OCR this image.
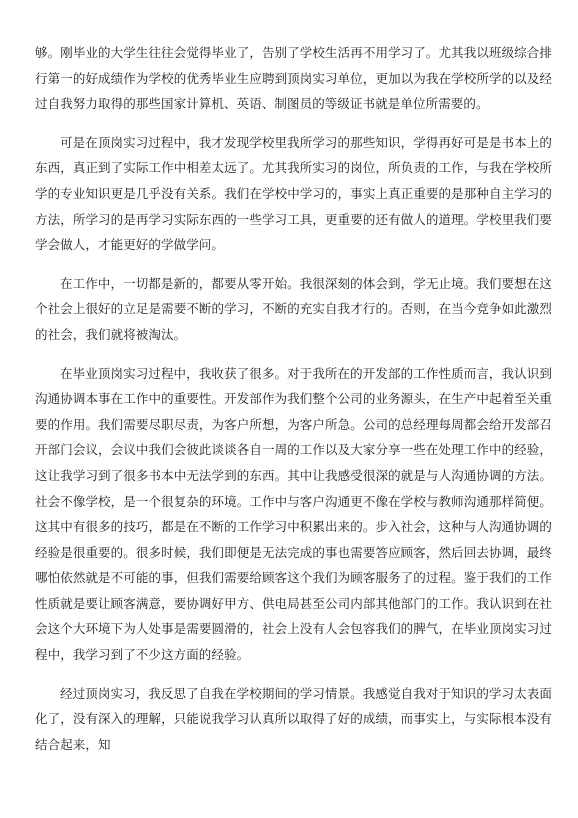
够。刚毕业的大学生往往会觉得毕业了，告别了学校生活再不用学习了。尤其我以班级综合排行第一的好成绩作为学校的优秀毕业生应聘到顶岗实习单位，更加以为我在学校所学的以及经过自我努力取得的那些国家计算机、英语、制图员的等级证书就是单位所需要的。

可是在顶岗实习过程中，我才发现学校里我所学习的那些知识，学得再好可是是书本上的东西，真正到了实际工作中相差太远了。尤其我所实习的岗位，所负责的工作，与我在学校所学的专业知识更是几乎没有关系。我们在学校中学习的，事实上真正重要的是那种自主学习的方法，所学习的是再学习实际东西的一些学习工具，更重要的还有做人的道理。学校里我们要学会做人，才能更好的学做学问。

在工作中，一切都是新的，都要从零开始。我很深刻的体会到，学无止境。我们要想在这个社会上很好的立足是需要不断的学习，不断的充实自我才行的。否则，在当今竞争如此激烈的社会，我们就将被淘汰。

在毕业顶岗实习过程中，我收获了很多。对于我所在的开发部的工作性质而言，我认识到沟通协调本事在工作中的重要性。开发部作为我们整个公司的业务源头，在生产中起着至关重要的作用。我们需要尽职尽责，为客户所想，为客户所急。公司的总经理每周都会给开发部召开部门会议，会议中我们会彼此谈谈各自一周的工作以及大家分享一些在处理工作中的经验，这让我学习到了很多书本中无法学到的东西。其中让我感受很深的就是与人沟通协调的方法。社会不像学校，是一个很复杂的环境。工作中与客户沟通更不像在学校与教师沟通那样简便。这其中有很多的技巧，都是在不断的工作学习中积累出来的。步入社会，这种与人沟通协调的经验是很重要的。很多时候，我们即便是无法完成的事也需要答应顾客，然后回去协调，最终哪怕依然就是不可能的事，但我们需要给顾客这个我们为顾客服务了的过程。鉴于我们的工作性质就是要让顾客满意，要协调好甲方、供电局甚至公司内部其他部门的工作。我认识到在社会这个大环境下为人处事是需要圆滑的，社会上没有人会包容我们的脾气，在毕业顶岗实习过程中，我学习到了不少这方面的经验。

经过顶岗实习，我反思了自我在学校期间的学习情景。我感觉自我对于知识的学习太表面化了，没有深入的理解，只能说我学习认真所以取得了好的成绩，而事实上，与实际根本没有结合起来，知
